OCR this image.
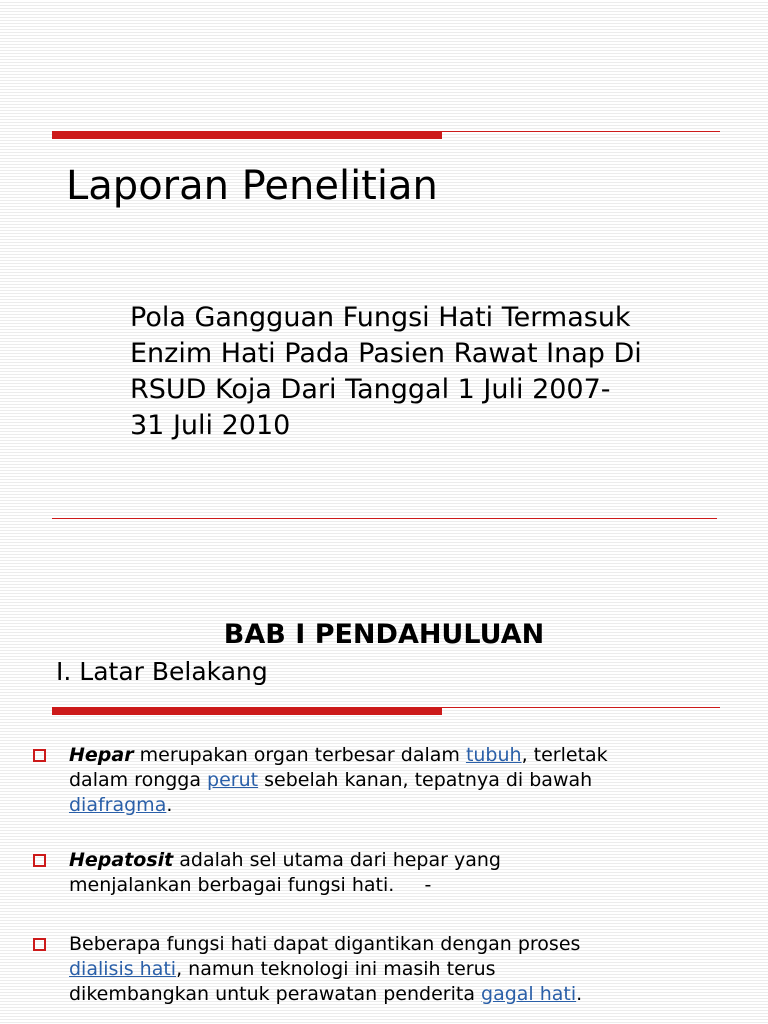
Laporan Penelitian
Pola Gangguan Fungsi Hati Termasuk
Enzim Hati Pada Pasien Rawat Inap Di
RSUD Koja Dari Tanggal 1 Juli 2007-
31 Juli 2010
BAB I PENDAHULUAN
I. Latar Belakang
Hepar merupakan organ terbesar dalam tubuh, terletak
dalam rongga perut sebelah kanan, tepatnya di bawah
diafragma.
Hepatosit adalah sel utama dari hepar yang
menjalankan berbagai fungsi hati.     -
Beberapa fungsi hati dapat digantikan dengan proses
dialisis hati, namun teknologi ini masih terus
dikembangkan untuk perawatan penderita gagal hati.
